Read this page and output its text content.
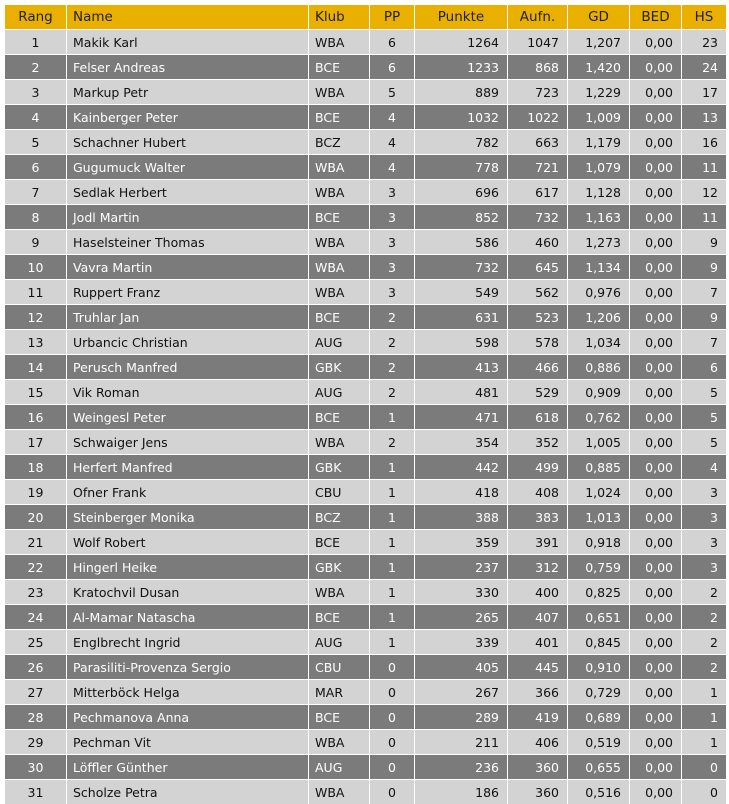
Rang	Name	Klub	PP	Punkte	Aufn.	GD	BED	HS
1	Makik Karl	WBA	6	1264	1047	1,207	0,00	23
2	Felser Andreas	BCE	6	1233	868	1,420	0,00	24
3	Markup Petr	WBA	5	889	723	1,229	0,00	17
4	Kainberger Peter	BCE	4	1032	1022	1,009	0,00	13
5	Schachner Hubert	BCZ	4	782	663	1,179	0,00	16
6	Gugumuck Walter	WBA	4	778	721	1,079	0,00	11
7	Sedlak Herbert	WBA	3	696	617	1,128	0,00	12
8	Jodl Martin	BCE	3	852	732	1,163	0,00	11
9	Haselsteiner Thomas	WBA	3	586	460	1,273	0,00	9
10	Vavra Martin	WBA	3	732	645	1,134	0,00	9
11	Ruppert Franz	WBA	3	549	562	0,976	0,00	7
12	Truhlar Jan	BCE	2	631	523	1,206	0,00	9
13	Urbancic Christian	AUG	2	598	578	1,034	0,00	7
14	Perusch Manfred	GBK	2	413	466	0,886	0,00	6
15	Vik Roman	AUG	2	481	529	0,909	0,00	5
16	Weingesl Peter	BCE	1	471	618	0,762	0,00	5
17	Schwaiger Jens	WBA	2	354	352	1,005	0,00	5
18	Herfert Manfred	GBK	1	442	499	0,885	0,00	4
19	Ofner Frank	CBU	1	418	408	1,024	0,00	3
20	Steinberger Monika	BCZ	1	388	383	1,013	0,00	3
21	Wolf Robert	BCE	1	359	391	0,918	0,00	3
22	Hingerl Heike	GBK	1	237	312	0,759	0,00	3
23	Kratochvil Dusan	WBA	1	330	400	0,825	0,00	2
24	Al-Mamar Natascha	BCE	1	265	407	0,651	0,00	2
25	Englbrecht Ingrid	AUG	1	339	401	0,845	0,00	2
26	Parasiliti-Provenza Sergio	CBU	0	405	445	0,910	0,00	2
27	Mitterböck Helga	MAR	0	267	366	0,729	0,00	1
28	Pechmanova Anna	BCE	0	289	419	0,689	0,00	1
29	Pechman Vit	WBA	0	211	406	0,519	0,00	1
30	Löffler Günther	AUG	0	236	360	0,655	0,00	0
31	Scholze Petra	WBA	0	186	360	0,516	0,00	0
